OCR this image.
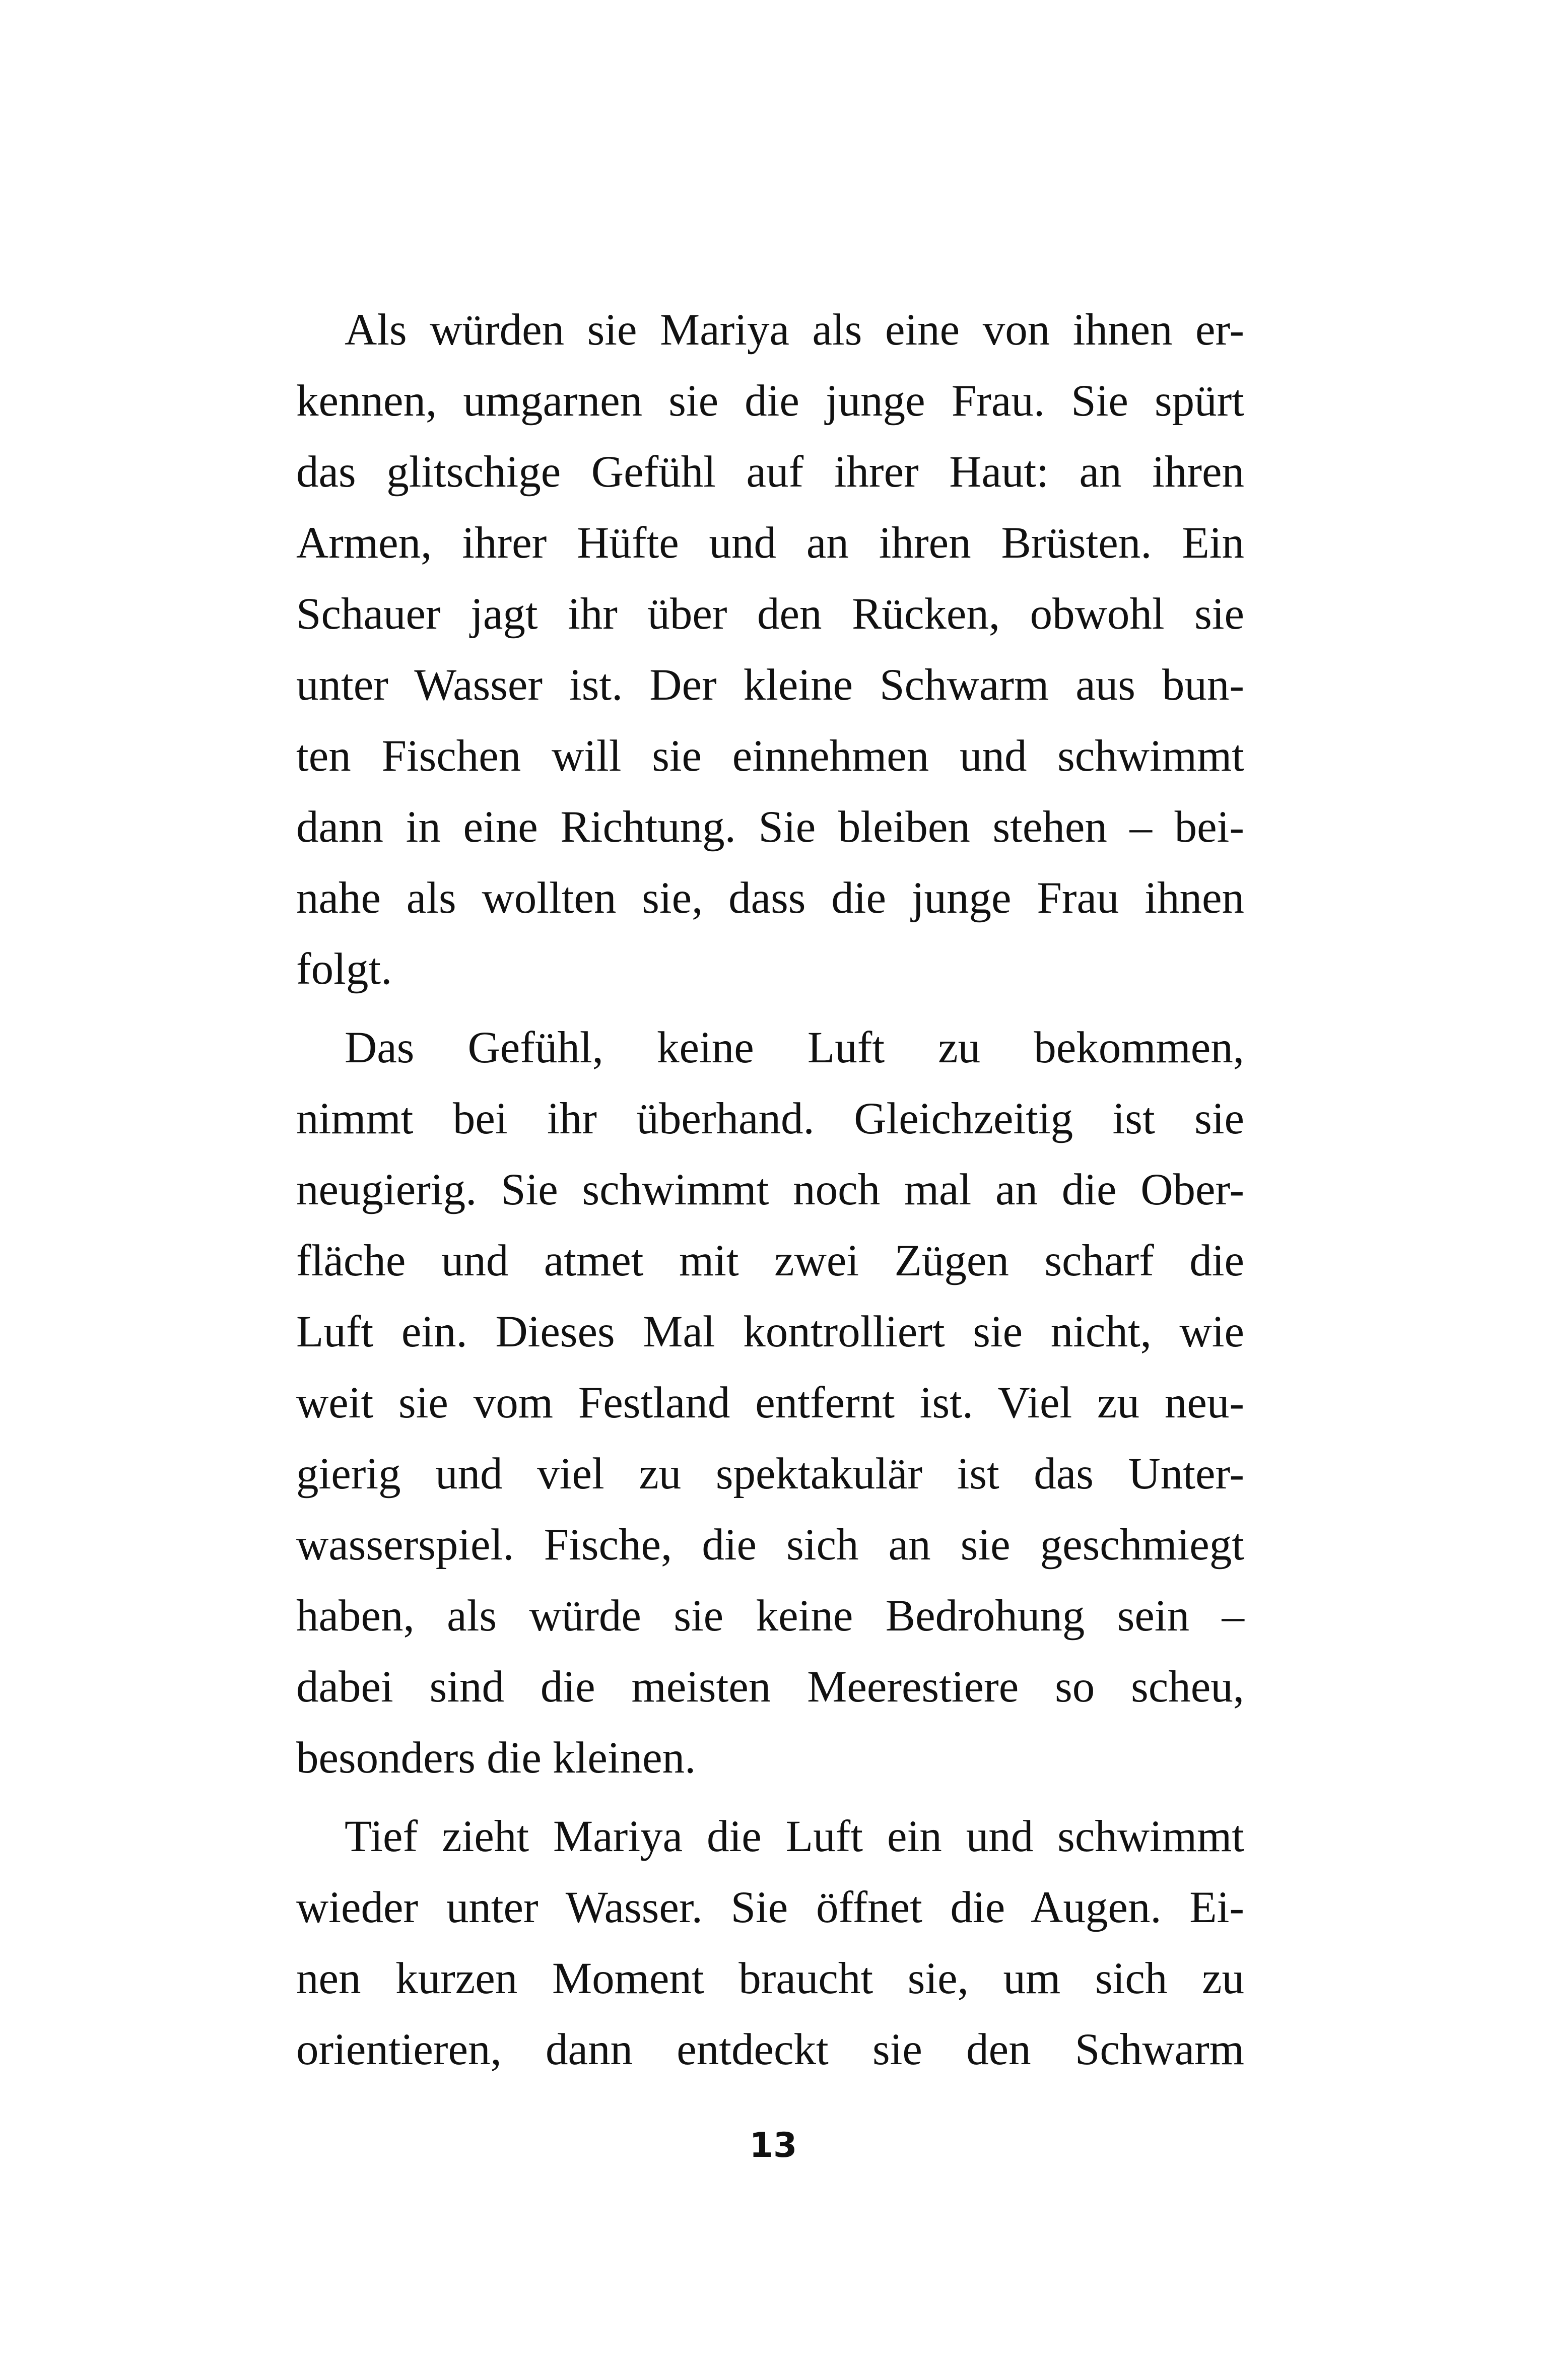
Als würden sie Mariya als eine von ihnen er-
kennen, umgarnen sie die junge Frau. Sie spürt
das glitschige Gefühl auf ihrer Haut: an ihren
Armen, ihrer Hüfte und an ihren Brüsten. Ein
Schauer jagt ihr über den Rücken, obwohl sie
unter Wasser ist. Der kleine Schwarm aus bun-
ten Fischen will sie einnehmen und schwimmt
dann in eine Richtung. Sie bleiben stehen – bei-
nahe als wollten sie, dass die junge Frau ihnen
folgt.
Das Gefühl, keine Luft zu bekommen,
nimmt bei ihr überhand. Gleichzeitig ist sie
neugierig. Sie schwimmt noch mal an die Ober-
fläche und atmet mit zwei Zügen scharf die
Luft ein. Dieses Mal kontrolliert sie nicht, wie
weit sie vom Festland entfernt ist. Viel zu neu-
gierig und viel zu spektakulär ist das Unter-
wasserspiel. Fische, die sich an sie geschmiegt
haben, als würde sie keine Bedrohung sein –
dabei sind die meisten Meerestiere so scheu,
besonders die kleinen.
Tief zieht Mariya die Luft ein und schwimmt
wieder unter Wasser. Sie öffnet die Augen. Ei-
nen kurzen Moment braucht sie, um sich zu
orientieren, dann entdeckt sie den Schwarm
13
